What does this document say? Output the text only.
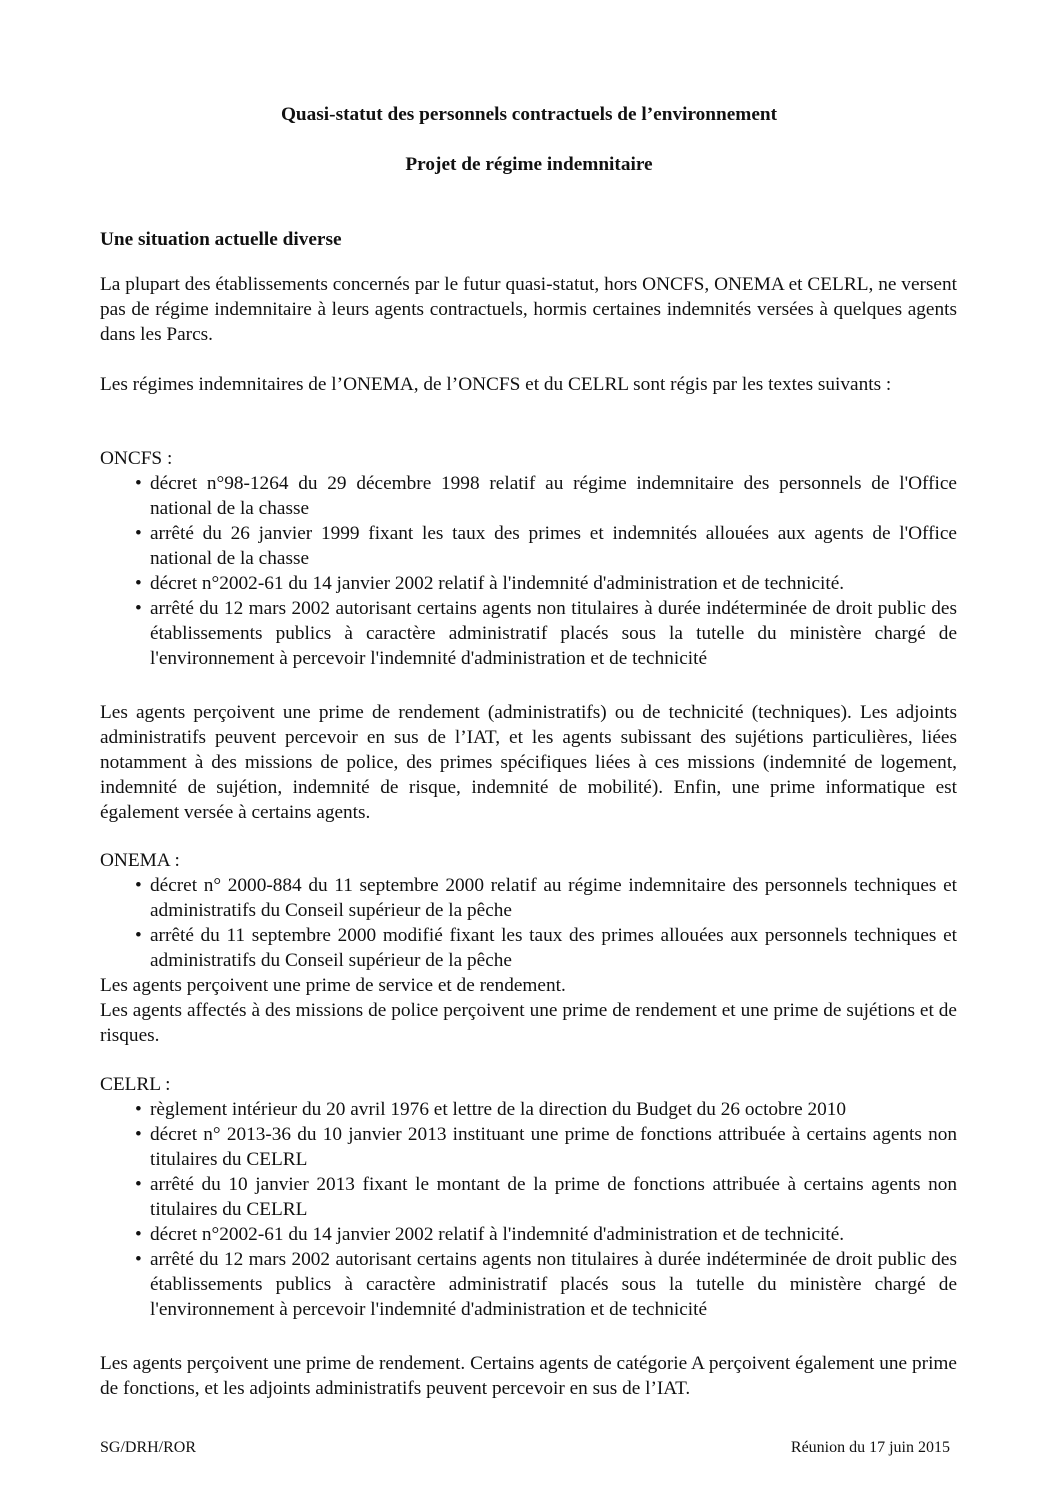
Quasi-statut des personnels contractuels de l’environnement
Projet de régime indemnitaire
Une situation actuelle diverse
La plupart des établissements concernés par le futur quasi-statut, hors ONCFS, ONEMA et CELRL, ne versent pas de régime indemnitaire à leurs agents contractuels, hormis certaines indemnités versées à quelques agents dans les Parcs.
Les régimes indemnitaires de l’ONEMA, de l’ONCFS et du CELRL sont régis par les textes suivants :
ONCFS :
• décret n°98-1264 du 29 décembre 1998 relatif au régime indemnitaire des personnels de l'Office national de la chasse
• arrêté du 26 janvier 1999 fixant les taux des primes et indemnités allouées aux agents de l'Office national de la chasse
• décret n°2002-61 du 14 janvier 2002 relatif à l'indemnité d'administration et de technicité.
• arrêté du 12 mars 2002 autorisant certains agents non titulaires à durée indéterminée de droit public des établissements publics à caractère administratif placés sous la tutelle du ministère chargé de l'environnement à percevoir l'indemnité d'administration et de technicité
Les agents perçoivent une prime de rendement (administratifs) ou de technicité (techniques). Les adjoints administratifs peuvent percevoir en sus de l’IAT, et les agents subissant des sujétions particulières, liées notamment à des missions de police, des primes spécifiques liées à ces missions (indemnité de logement, indemnité de sujétion, indemnité de risque, indemnité de mobilité). Enfin, une prime informatique est également versée à certains agents.
ONEMA :
• décret n° 2000-884 du 11 septembre 2000 relatif au régime indemnitaire des personnels techniques et administratifs du Conseil supérieur de la pêche
• arrêté du 11 septembre 2000 modifié fixant les taux des primes allouées aux personnels techniques et administratifs du Conseil supérieur de la pêche
Les agents perçoivent une prime de service et de rendement.
Les agents affectés à des missions de police perçoivent une prime de rendement et une prime de sujétions et de risques.
CELRL :
• règlement intérieur du 20 avril 1976 et lettre de la direction du Budget du 26 octobre 2010
• décret n° 2013-36 du 10 janvier 2013 instituant une prime de fonctions attribuée à certains agents non titulaires du CELRL
• arrêté du 10 janvier 2013 fixant le montant de la prime de fonctions attribuée à certains agents non titulaires du CELRL
• décret n°2002-61 du 14 janvier 2002 relatif à l'indemnité d'administration et de technicité.
• arrêté du 12 mars 2002 autorisant certains agents non titulaires à durée indéterminée de droit public des établissements publics à caractère administratif placés sous la tutelle du ministère chargé de l'environnement à percevoir l'indemnité d'administration et de technicité
Les agents perçoivent une prime de rendement. Certains agents de catégorie A perçoivent également une prime de fonctions, et les adjoints administratifs peuvent percevoir en sus de l’IAT.
SG/DRH/ROR	Réunion du 17 juin 2015
